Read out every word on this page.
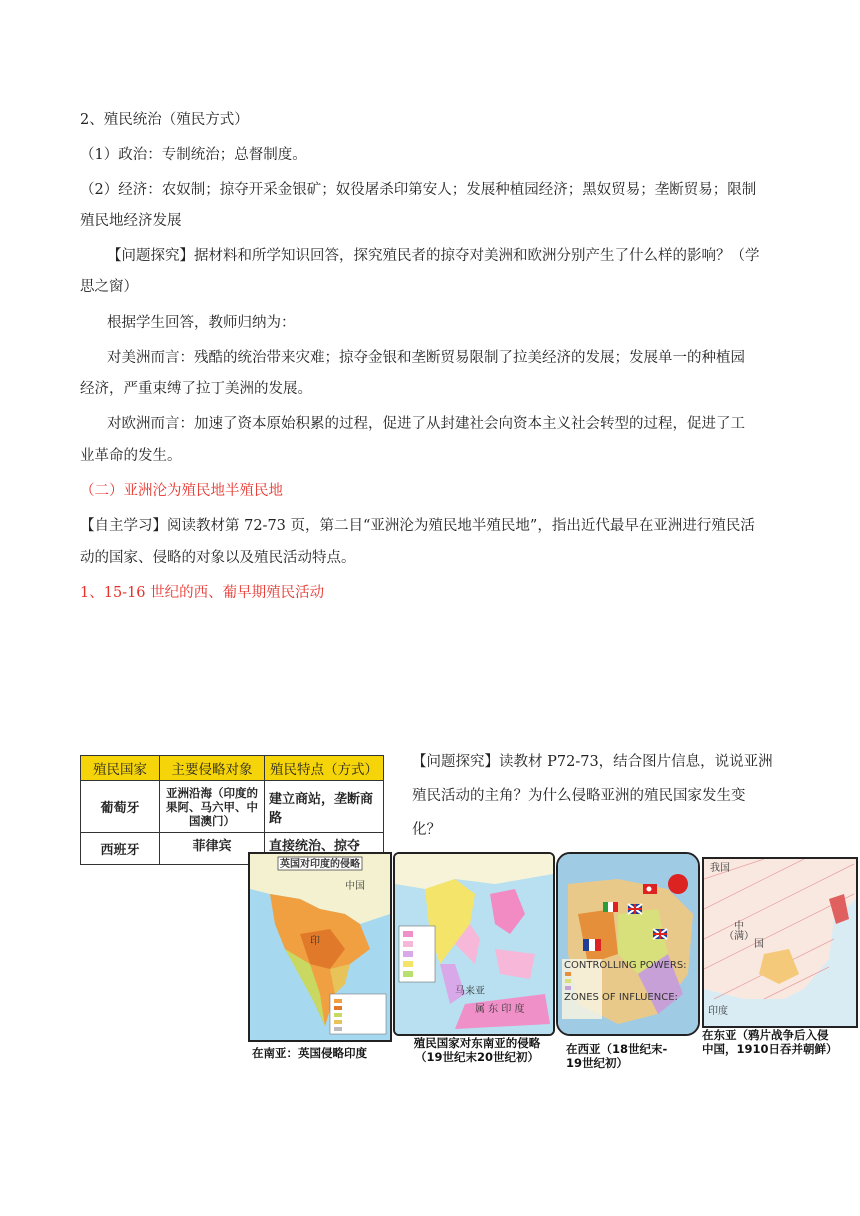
2、殖民统治（殖民方式）
（1）政治：专制统治；总督制度。
（2）经济：农奴制；掠夺开采金银矿；奴役屠杀印第安人；发展种植园经济；黑奴贸易；垄断贸易；限制
殖民地经济发展
【问题探究】据材料和所学知识回答，探究殖民者的掠夺对美洲和欧洲分别产生了什么样的影响？（学
思之窗）
根据学生回答，教师归纳为：
对美洲而言：残酷的统治带来灾难；掠夺金银和垄断贸易限制了拉美经济的发展；发展单一的种植园
经济，严重束缚了拉丁美洲的发展。
对欧洲而言：加速了资本原始积累的过程，促进了从封建社会向资本主义社会转型的过程，促进了工
业革命的发生。
（二）亚洲沦为殖民地半殖民地
【自主学习】阅读教材第 72-73 页，第二目“亚洲沦为殖民地半殖民地”，指出近代最早在亚洲进行殖民活
动的国家、侵略的对象以及殖民活动特点。
1、15-16 世纪的西、葡早期殖民活动
殖民国家	主要侵略对象	殖民特点（方式）
葡萄牙	亚洲沿海（印度的果阿、马六甲、中国澳门）	建立商站，垄断商路
西班牙	菲律宾	直接统治、掠夺
【问题探究】读教材 P72-73，结合图片信息，说说亚洲
殖民活动的主角？为什么侵略亚洲的殖民国家发生变
化？
英国对印度的侵略
中国
印
在南亚：英国侵略印度
马来亚
属 东 印 度
殖民国家对东南亚的侵略
（19世纪末20世纪初）
CONTROLLING POWERS:
ZONES OF INFLUENCE:
在西亚（18世纪末-
19世纪初）
我国
中
国
（满）
印度
在东亚（鸦片战争后入侵
中国，1910日吞并朝鲜）
